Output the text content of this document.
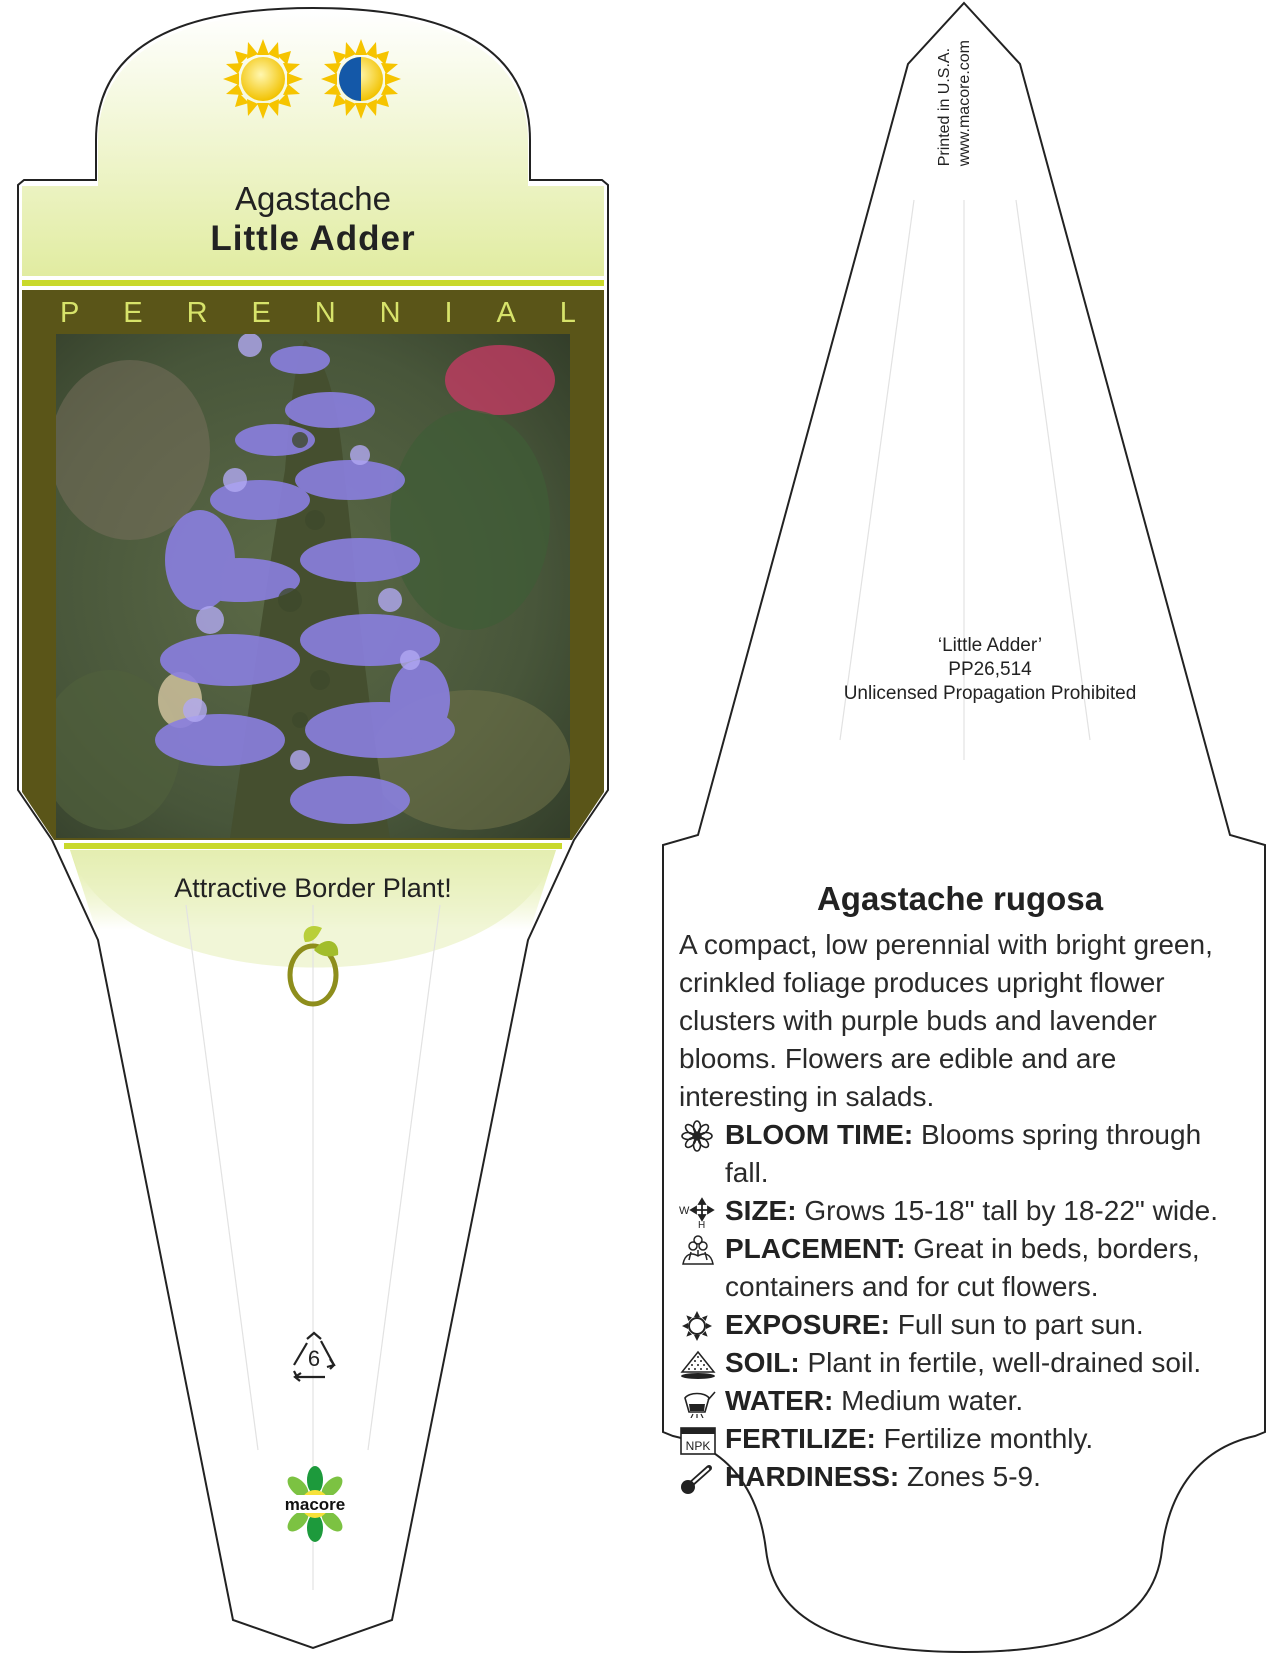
Agastache
Little Adder
P E R E N N I A L
Attractive Border Plant!
6
macore
Printed in U.S.A. www.macore.com
‘Little Adder’
PP26,514
Unlicensed Propagation Prohibited
Agastache rugosa

A compact, low perennial with bright green, crinkled foliage produces upright flower clusters with purple buds and lavender blooms. Flowers are edible and are interesting in salads.

BLOOM TIME: Blooms spring through fall.
W
H SIZE: Grows 15-18" tall by 18-22" wide.
PLACEMENT: Great in beds, borders, containers and for cut flowers.
EXPOSURE: Full sun to part sun.
SOIL: Plant in fertile, well-drained soil.
WATER: Medium water.
NPK FERTILIZE: Fertilize monthly.
HARDINESS: Zones 5-9.
